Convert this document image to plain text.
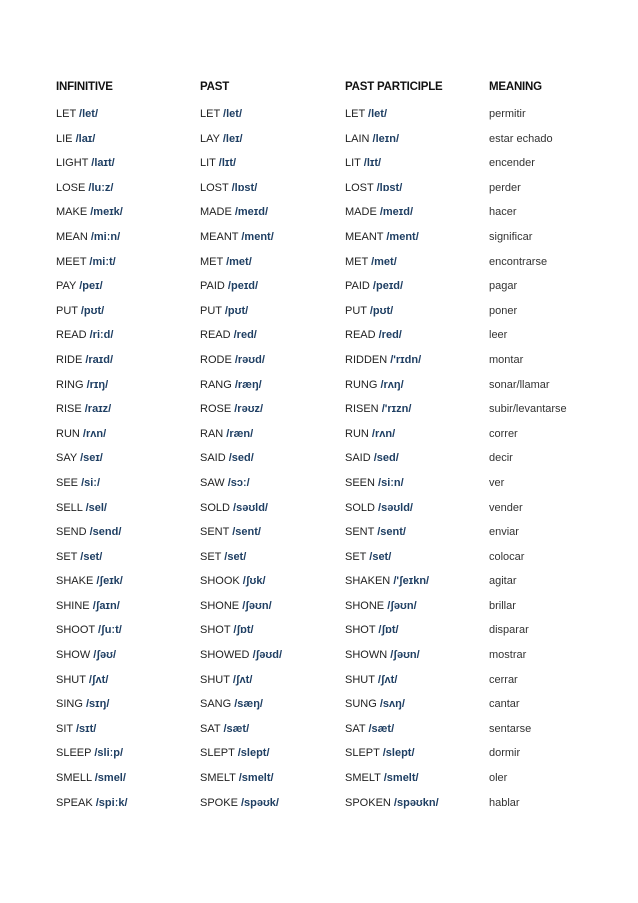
INFINITIVE	PAST	PAST PARTICIPLE	MEANING
LET /let/	LET /let/	LET /let/	permitir
LIE /laɪ/	LAY /leɪ/	LAIN /leɪn/	estar echado
LIGHT /laɪt/	LIT /lɪt/	LIT /lɪt/	encender
LOSE /luːz/	LOST /lɒst/	LOST /lɒst/	perder
MAKE /meɪk/	MADE /meɪd/	MADE /meɪd/	hacer
MEAN /miːn/	MEANT /ment/	MEANT /ment/	significar
MEET /miːt/	MET /met/	MET /met/	encontrarse
PAY /peɪ/	PAID /peɪd/	PAID /peɪd/	pagar
PUT /pʊt/	PUT /pʊt/	PUT /pʊt/	poner
READ /riːd/	READ /red/	READ /red/	leer
RIDE /raɪd/	RODE /rəʊd/	RIDDEN /'rɪdn/	montar
RING /rɪŋ/	RANG /ræŋ/	RUNG /rʌŋ/	sonar/llamar
RISE /raɪz/	ROSE /rəʊz/	RISEN /'rɪzn/	subir/levantarse
RUN /rʌn/	RAN /ræn/	RUN /rʌn/	correr
SAY /seɪ/	SAID /sed/	SAID /sed/	decir
SEE /siː/	SAW /sɔː/	SEEN /siːn/	ver
SELL /sel/	SOLD /səʊld/	SOLD /səʊld/	vender
SEND /send/	SENT /sent/	SENT /sent/	enviar
SET /set/	SET /set/	SET /set/	colocar
SHAKE /ʃeɪk/	SHOOK /ʃʊk/	SHAKEN /'ʃeɪkn/	agitar
SHINE /ʃaɪn/	SHONE /ʃəʊn/	SHONE /ʃəʊn/	brillar
SHOOT /ʃuːt/	SHOT /ʃɒt/	SHOT /ʃɒt/	disparar
SHOW /ʃəʊ/	SHOWED /ʃəʊd/	SHOWN /ʃəʊn/	mostrar
SHUT /ʃʌt/	SHUT /ʃʌt/	SHUT /ʃʌt/	cerrar
SING /sɪŋ/	SANG /sæŋ/	SUNG /sʌŋ/	cantar
SIT /sɪt/	SAT /sæt/	SAT /sæt/	sentarse
SLEEP /sliːp/	SLEPT /slept/	SLEPT /slept/	dormir
SMELL /smel/	SMELT /smelt/	SMELT /smelt/	oler
SPEAK /spiːk/	SPOKE /spəʊk/	SPOKEN /spəʊkn/	hablar
